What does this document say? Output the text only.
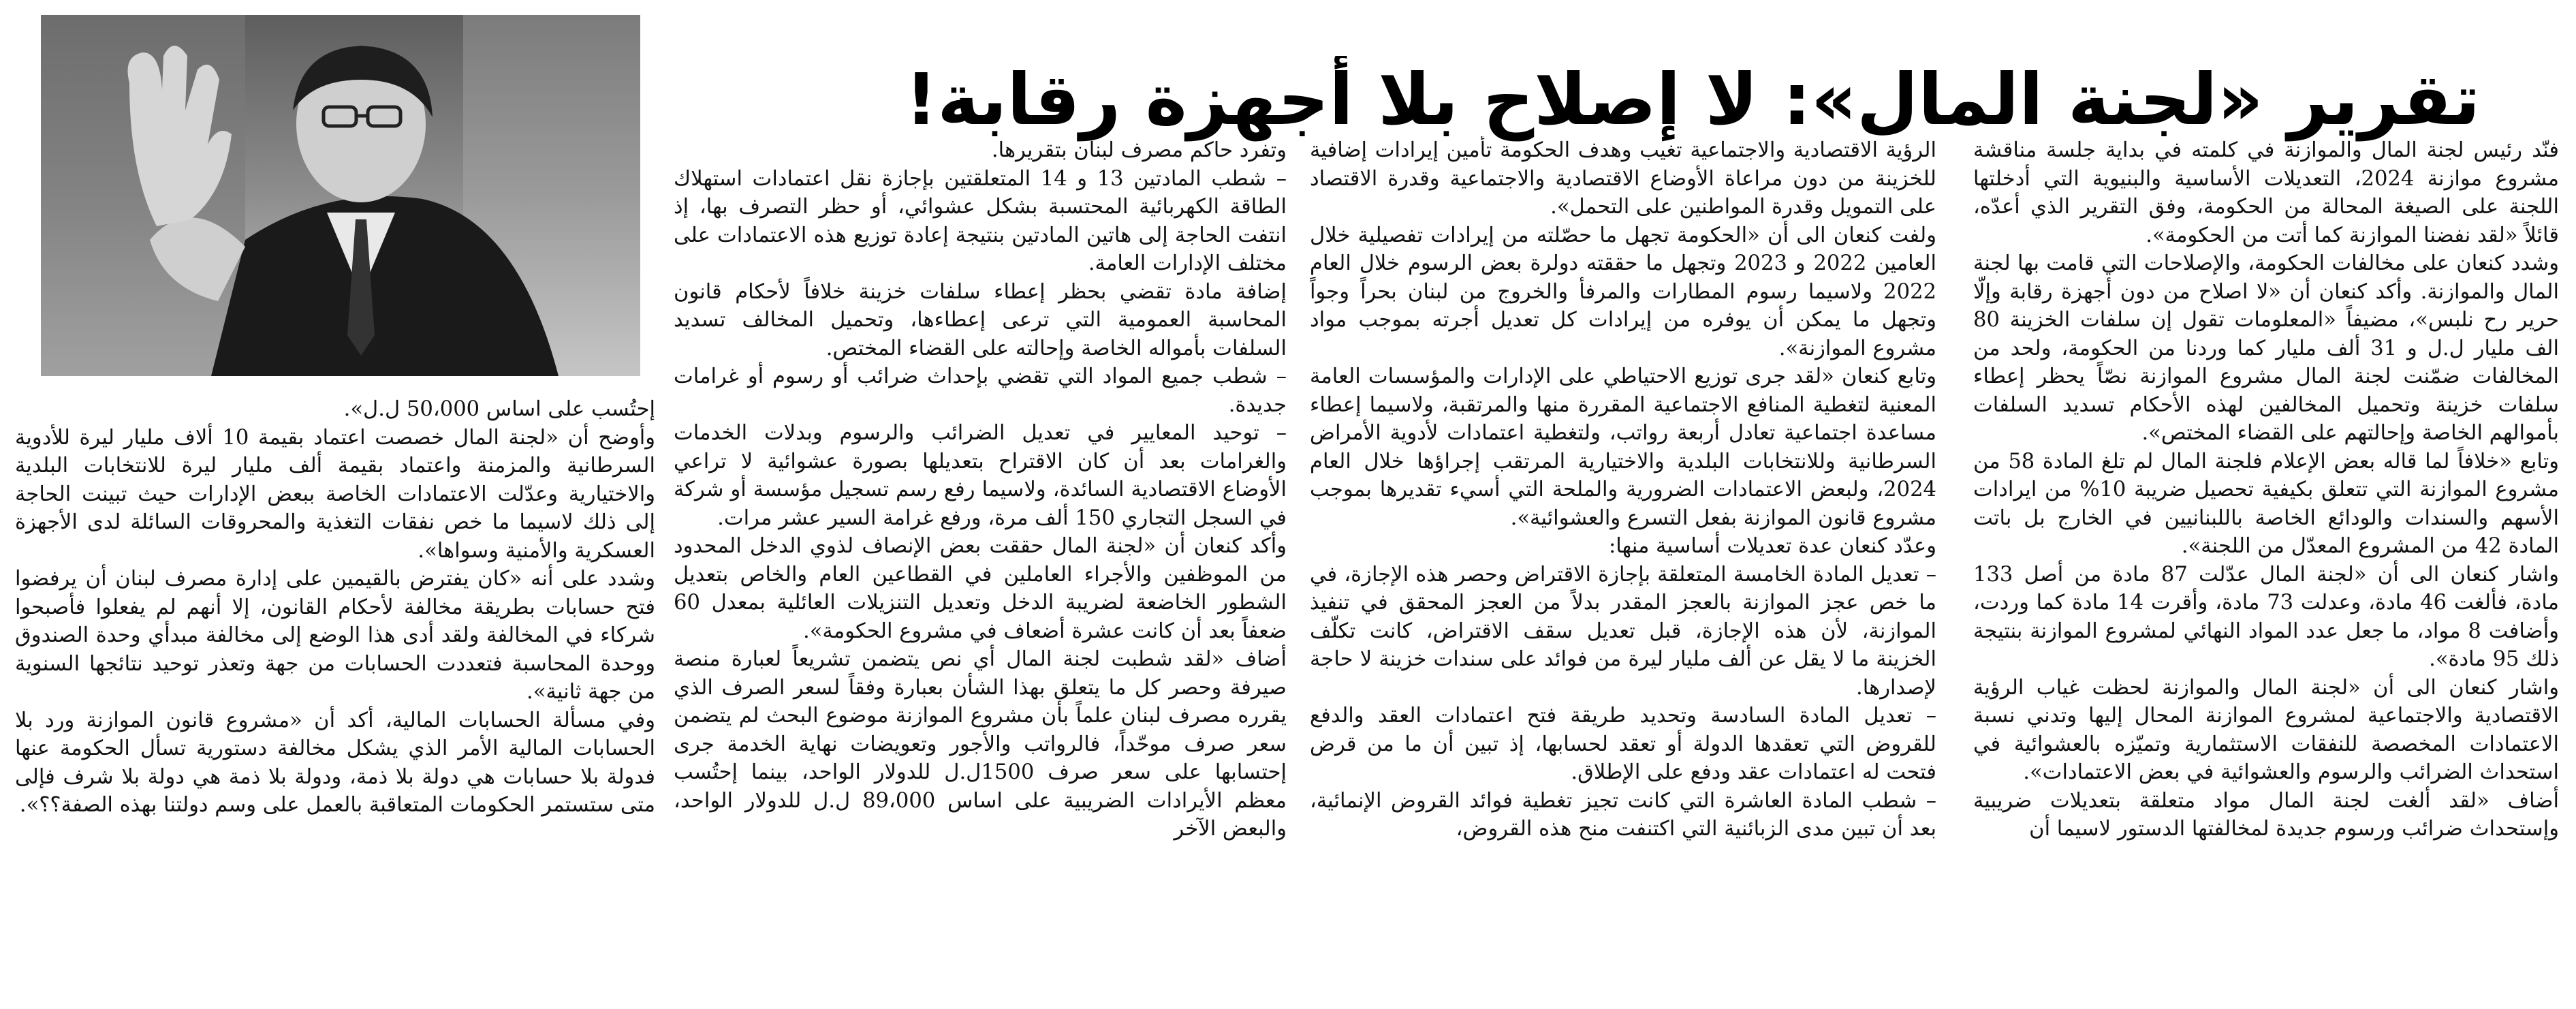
تقرير «لجنة المال»: لا إصلاح بلا أجهزة رقابة!
فنّد رئيس لجنة المال والموازنة في كلمته في بداية جلسة مناقشة مشروع موازنة 2024، التعديلات الأساسية والبنيوية التي أدخلتها اللجنة على الصيغة المحالة من الحكومة، وفق التقرير الذي أعدّه، قائلاً «لقد نفضنا الموازنة كما أتت من الحكومة».
وشدد كنعان على مخالفات الحكومة، والإصلاحات التي قامت بها لجنة المال والموازنة. وأكد كنعان أن «لا اصلاح من دون أجهزة رقابة وإلّا حرير رح نلبس»، مضيفاً «المعلومات تقول إن سلفات الخزينة 80 الف مليار ل.ل و 31 ألف مليار كما وردنا من الحكومة، ولحد من المخالفات ضمّنت لجنة المال مشروع الموازنة نصّاً يحظر إعطاء سلفات خزينة وتحميل المخالفين لهذه الأحكام تسديد السلفات بأموالهم الخاصة وإحالتهم على القضاء المختص».
وتابع «خلافاً لما قاله بعض الإعلام فلجنة المال لم تلغ المادة 58 من مشروع الموازنة التي تتعلق بكيفية تحصيل ضريبة 10% من ايرادات الأسهم والسندات والودائع الخاصة باللبنانيين في الخارج بل باتت المادة 42 من المشروع المعدّل من اللجنة».
واشار كنعان الى أن «لجنة المال عدّلت 87 مادة من أصل 133 مادة، فألغت 46 مادة، وعدلت 73 مادة، وأقرت 14 مادة كما وردت، وأضافت 8 مواد، ما جعل عدد المواد النهائي لمشروع الموازنة بنتيجة ذلك 95 مادة».
واشار كنعان الى أن «لجنة المال والموازنة لحظت غياب الرؤية الاقتصادية والاجتماعية لمشروع الموازنة المحال إليها وتدني نسبة الاعتمادات المخصصة للنفقات الاستثمارية وتميّزه بالعشوائية في استحداث الضرائب والرسوم والعشوائية في بعض الاعتمادات».
أضاف «لقد ألغت لجنة المال مواد متعلقة بتعديلات ضريبية وإستحداث ضرائب ورسوم جديدة لمخالفتها الدستور لاسيما أن
الرؤية الاقتصادية والاجتماعية تغيب وهدف الحكومة تأمين إيرادات إضافية للخزينة من دون مراعاة الأوضاع الاقتصادية والاجتماعية وقدرة الاقتصاد على التمويل وقدرة المواطنين على التحمل».
ولفت كنعان الى أن «الحكومة تجهل ما حصّلته من إيرادات تفصيلية خلال العامين 2022 و 2023 وتجهل ما حققته دولرة بعض الرسوم خلال العام 2022 ولاسيما رسوم المطارات والمرفأ والخروج من لبنان بحراً وجواً وتجهل ما يمكن أن يوفره من إيرادات كل تعديل أجرته بموجب مواد مشروع الموازنة».
وتابع كنعان «لقد جرى توزيع الاحتياطي على الإدارات والمؤسسات العامة المعنية لتغطية المنافع الاجتماعية المقررة منها والمرتقبة، ولاسيما إعطاء مساعدة اجتماعية تعادل أربعة رواتب، ولتغطية اعتمادات لأدوية الأمراض السرطانية وللانتخابات البلدية والاختيارية المرتقب إجراؤها خلال العام 2024، ولبعض الاعتمادات الضرورية والملحة التي أسيء تقديرها بموجب مشروع قانون الموازنة بفعل التسرع والعشوائية».
وعدّد كنعان عدة تعديلات أساسية منها:
– تعديل المادة الخامسة المتعلقة بإجازة الاقتراض وحصر هذه الإجازة، في ما خص عجز الموازنة بالعجز المقدر بدلاً من العجز المحقق في تنفيذ الموازنة، لأن هذه الإجازة، قبل تعديل سقف الاقتراض، كانت تكلّف الخزينة ما لا يقل عن ألف مليار ليرة من فوائد على سندات خزينة لا حاجة لإصدارها.
– تعديل المادة السادسة وتحديد طريقة فتح اعتمادات العقد والدفع للقروض التي تعقدها الدولة أو تعقد لحسابها، إذ تبين أن ما من قرض فتحت له اعتمادات عقد ودفع على الإطلاق.
– شطب المادة العاشرة التي كانت تجيز تغطية فوائد القروض الإنمائية، بعد أن تبين مدى الزبائنية التي اكتنفت منح هذه القروض،
وتفرد حاكم مصرف لبنان بتقريرها.
– شطب المادتين 13 و 14 المتعلقتين بإجازة نقل اعتمادات استهلاك الطاقة الكهربائية المحتسبة بشكل عشوائي، أو حظر التصرف بها، إذ انتفت الحاجة إلى هاتين المادتين بنتيجة إعادة توزيع هذه الاعتمادات على مختلف الإدارات العامة.
إضافة مادة تقضي بحظر إعطاء سلفات خزينة خلافاً لأحكام قانون المحاسبة العمومية التي ترعى إعطاءها، وتحميل المخالف تسديد السلفات بأمواله الخاصة وإحالته على القضاء المختص.
– شطب جميع المواد التي تقضي بإحداث ضرائب أو رسوم أو غرامات جديدة.
– توحيد المعايير في تعديل الضرائب والرسوم وبدلات الخدمات والغرامات بعد أن كان الاقتراح بتعديلها بصورة عشوائية لا تراعي الأوضاع الاقتصادية السائدة، ولاسيما رفع رسم تسجيل مؤسسة أو شركة في السجل التجاري 150 ألف مرة، ورفع غرامة السير عشر مرات.
وأكد كنعان أن «لجنة المال حققت بعض الإنصاف لذوي الدخل المحدود من الموظفين والأجراء العاملين في القطاعين العام والخاص بتعديل الشطور الخاضعة لضريبة الدخل وتعديل التنزيلات العائلية بمعدل 60 ضعفاً بعد أن كانت عشرة أضعاف في مشروع الحكومة».
أضاف «لقد شطبت لجنة المال أي نص يتضمن تشريعاً لعبارة منصة صيرفة وحصر كل ما يتعلق بهذا الشأن بعبارة وفقاً لسعر الصرف الذي يقرره مصرف لبنان علماً بأن مشروع الموازنة موضوع البحث لم يتضمن سعر صرف موحّداً، فالرواتب والأجور وتعويضات نهاية الخدمة جرى إحتسابها على سعر صرف 1500ل.ل للدولار الواحد، بينما إحتُسب معظم الأيرادات الضريبية على اساس 89،000 ل.ل للدولار الواحد، والبعض الآخر
إحتُسب على اساس 50،000 ل.ل».
وأوضح أن «لجنة المال خصصت اعتماد بقيمة 10 ألاف مليار ليرة للأدوية السرطانية والمزمنة واعتماد بقيمة ألف مليار ليرة للانتخابات البلدية والاختيارية وعدّلت الاعتمادات الخاصة ببعض الإدارات حيث تبينت الحاجة إلى ذلك لاسيما ما خص نفقات التغذية والمحروقات السائلة لدى الأجهزة العسكرية والأمنية وسواها».
وشدد على أنه «كان يفترض بالقيمين على إدارة مصرف لبنان أن يرفضوا فتح حسابات بطريقة مخالفة لأحكام القانون، إلا أنهم لم يفعلوا فأصبحوا شركاء في المخالفة ولقد أدى هذا الوضع إلى مخالفة مبدأي وحدة الصندوق ووحدة المحاسبة فتعددت الحسابات من جهة وتعذر توحيد نتائجها السنوية من جهة ثانية».
وفي مسألة الحسابات المالية، أكد أن «مشروع قانون الموازنة ورد بلا الحسابات المالية الأمر الذي يشكل مخالفة دستورية تسأل الحكومة عنها فدولة بلا حسابات هي دولة بلا ذمة، ودولة بلا ذمة هي دولة بلا شرف فإلى متى ستستمر الحكومات المتعاقبة بالعمل على وسم دولتنا بهذه الصفة؟؟».
